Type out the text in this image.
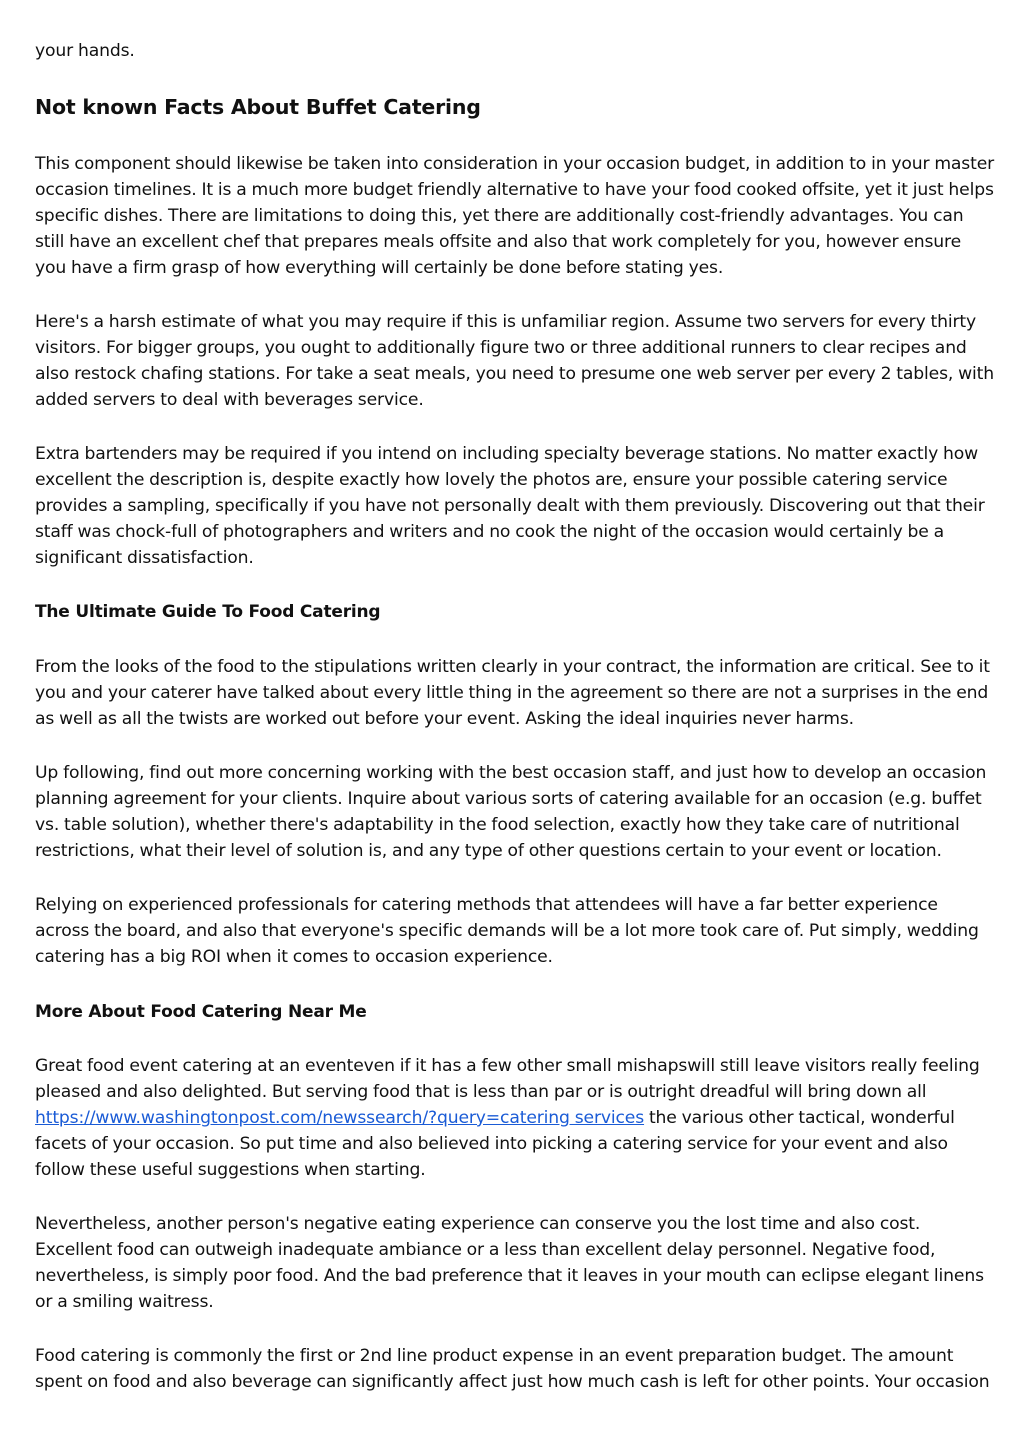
your hands.

Not known Facts About Buffet Catering

This component should likewise be taken into consideration in your occasion budget, in addition to in your master occasion timelines. It is a much more budget friendly alternative to have your food cooked offsite, yet it just helps specific dishes. There are limitations to doing this, yet there are additionally cost-friendly advantages. You can still have an excellent chef that prepares meals offsite and also that work completely for you, however ensure you have a firm grasp of how everything will certainly be done before stating yes.

Here's a harsh estimate of what you may require if this is unfamiliar region. Assume two servers for every thirty visitors. For bigger groups, you ought to additionally figure two or three additional runners to clear recipes and also restock chafing stations. For take a seat meals, you need to presume one web server per every 2 tables, with added servers to deal with beverages service.

Extra bartenders may be required if you intend on including specialty beverage stations. No matter exactly how excellent the description is, despite exactly how lovely the photos are, ensure your possible catering service provides a sampling, specifically if you have not personally dealt with them previously. Discovering out that their staff was chock-full of photographers and writers and no cook the night of the occasion would certainly be a significant dissatisfaction.

The Ultimate Guide To Food Catering

From the looks of the food to the stipulations written clearly in your contract, the information are critical. See to it you and your caterer have talked about every little thing in the agreement so there are not a surprises in the end as well as all the twists are worked out before your event. Asking the ideal inquiries never harms.

Up following, find out more concerning working with the best occasion staff, and just how to develop an occasion planning agreement for your clients. Inquire about various sorts of catering available for an occasion (e.g. buffet vs. table solution), whether there's adaptability in the food selection, exactly how they take care of nutritional restrictions, what their level of solution is, and any type of other questions certain to your event or location.

Relying on experienced professionals for catering methods that attendees will have a far better experience across the board, and also that everyone's specific demands will be a lot more took care of. Put simply, wedding catering has a big ROI when it comes to occasion experience.

More About Food Catering Near Me

Great food event catering at an eventeven if it has a few other small mishapswill still leave visitors really feeling pleased and also delighted. But serving food that is less than par or is outright dreadful will bring down all https://www.washingtonpost.com/newssearch/?query=catering services the various other tactical, wonderful facets of your occasion. So put time and also believed into picking a catering service for your event and also follow these useful suggestions when starting.

Nevertheless, another person's negative eating experience can conserve you the lost time and also cost. Excellent food can outweigh inadequate ambiance or a less than excellent delay personnel. Negative food, nevertheless, is simply poor food. And the bad preference that it leaves in your mouth can eclipse elegant linens or a smiling waitress.

Food catering is commonly the first or 2nd line product expense in an event preparation budget. The amount spent on food and also beverage can significantly affect just how much cash is left for other points. Your occasion
